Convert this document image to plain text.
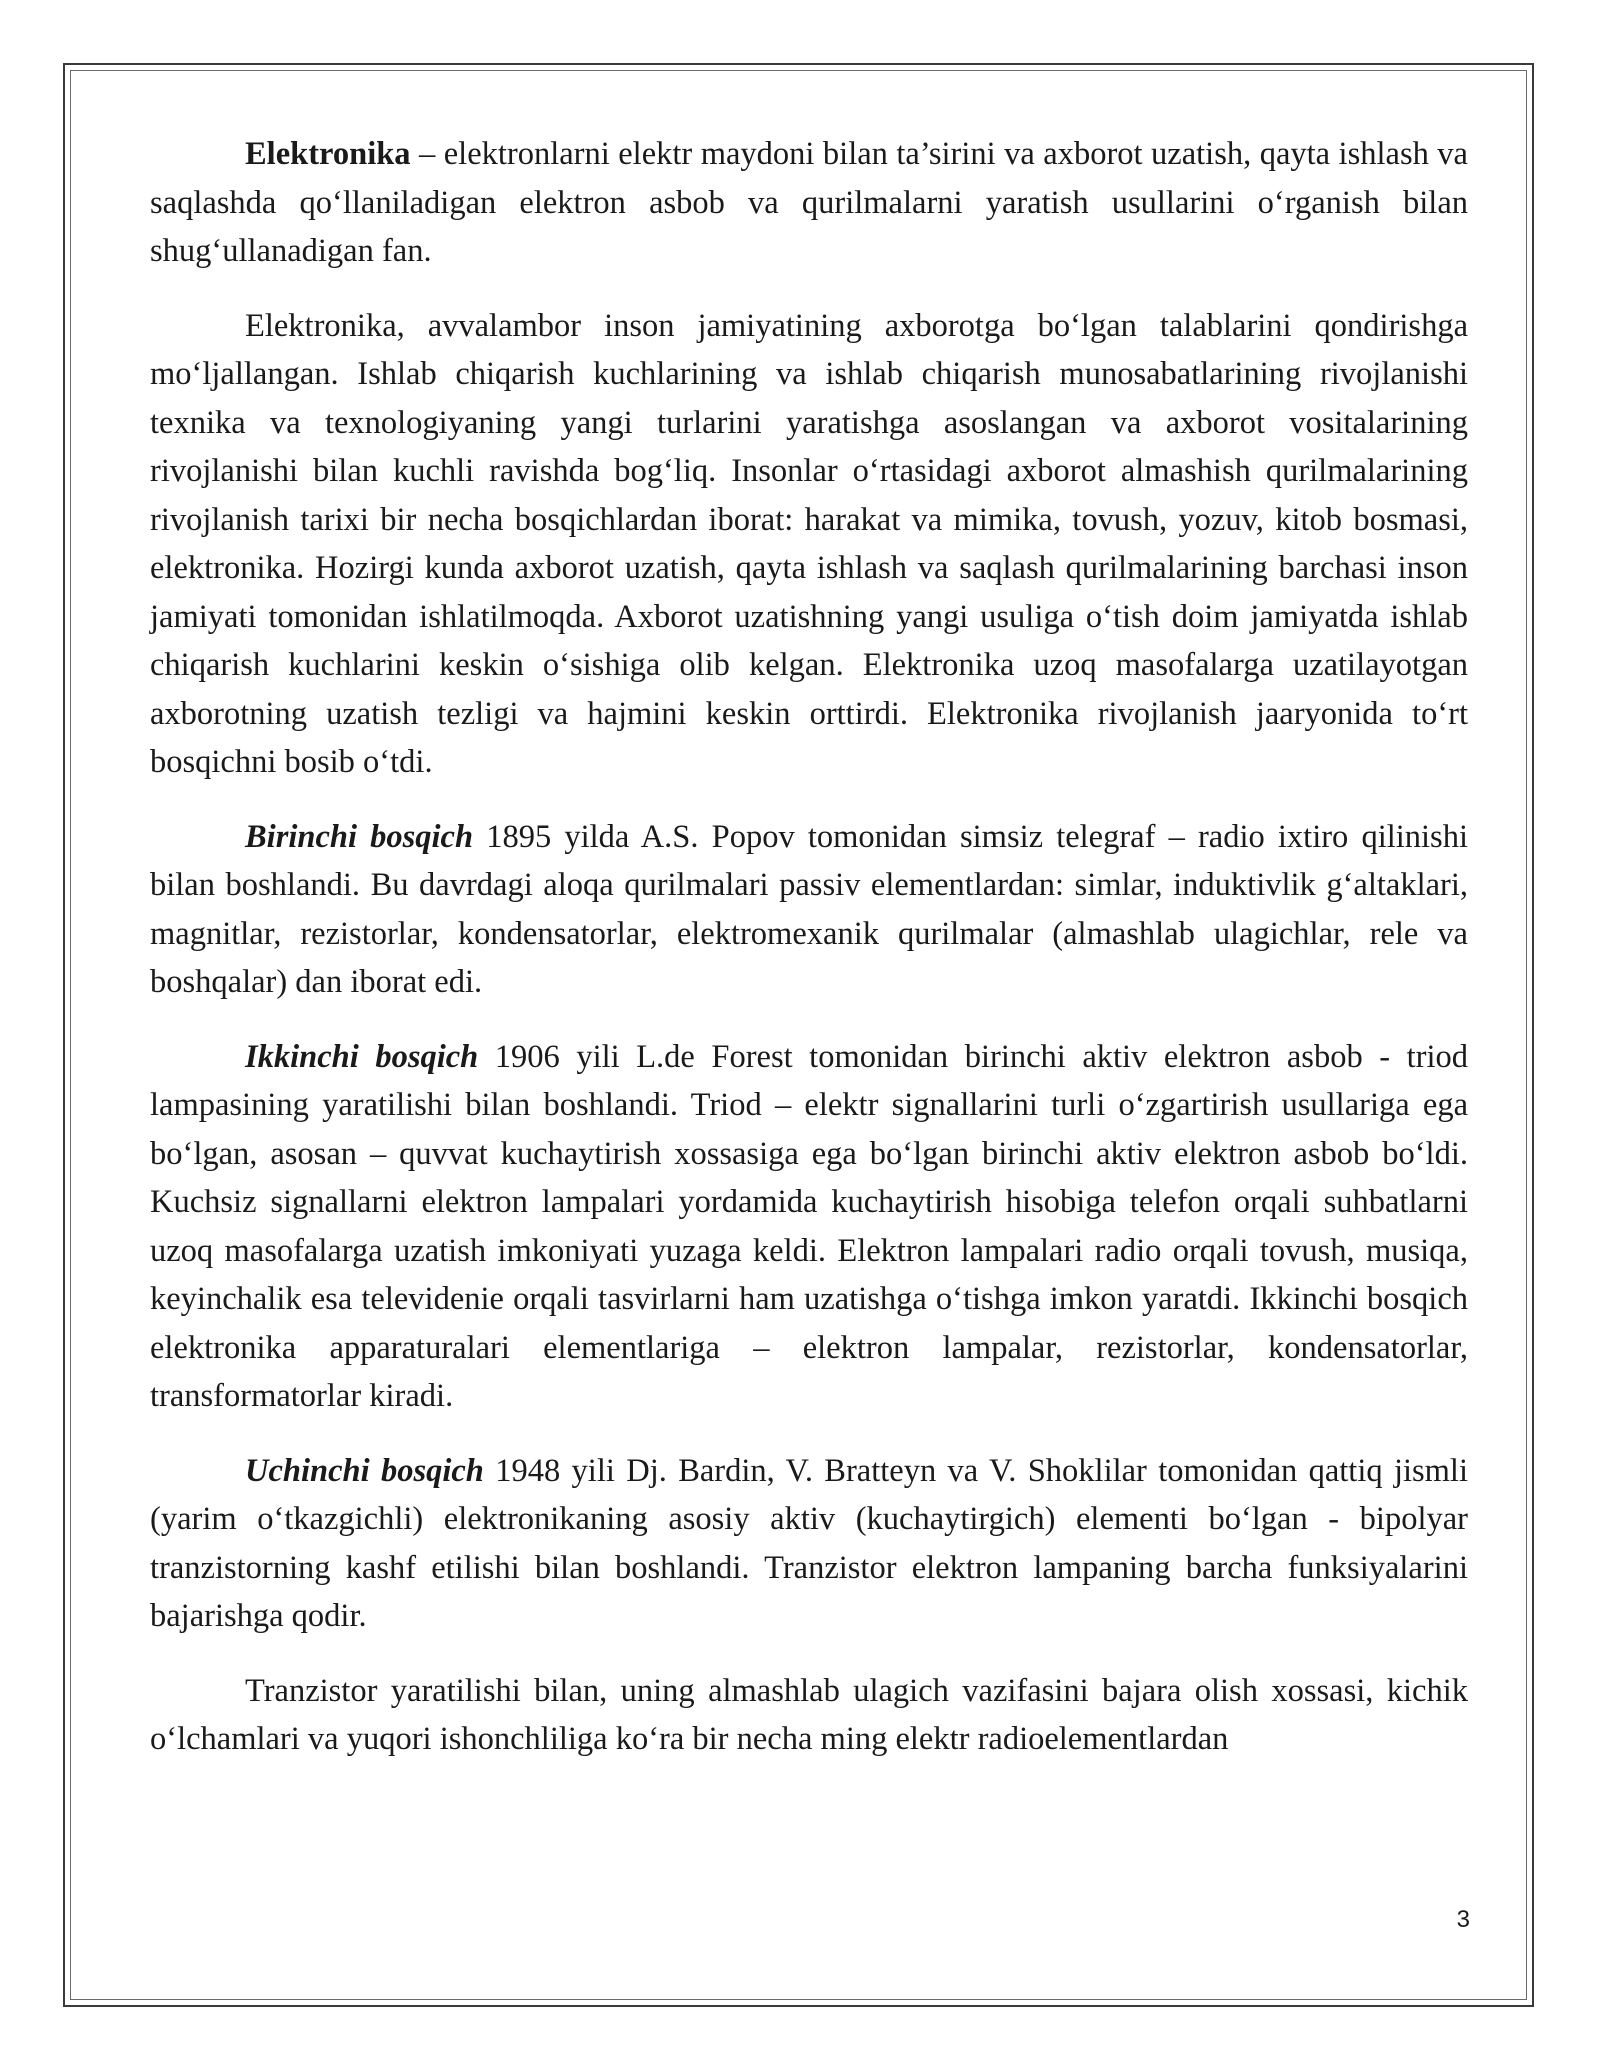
Elektronika – elektronlarni elektr maydoni bilan ta’sirini va axborot uzatish, qayta ishlash va saqlashda qo‘llaniladigan elektron asbob va qurilmalarni yaratish usullarini o‘rganish bilan shug‘ullanadigan fan.

Elektronika, avvalambor inson jamiyatining axborotga bo‘lgan talablarini qondirishga mo‘ljallangan. Ishlab chiqarish kuchlarining va ishlab chiqarish munosabatlarining rivojlanishi texnika va texnologiyaning yangi turlarini yaratishga asoslangan va axborot vositalarining rivojlanishi bilan kuchli ravishda bog‘liq. Insonlar o‘rtasidagi axborot almashish qurilmalarining rivojlanish tarixi bir necha bosqichlardan iborat: harakat va mimika, tovush, yozuv, kitob bosmasi, elektronika. Hozirgi kunda axborot uzatish, qayta ishlash va saqlash qurilmalarining barchasi inson jamiyati tomonidan ishlatilmoqda. Axborot uzatishning yangi usuliga o‘tish doim jamiyatda ishlab chiqarish kuchlarini keskin o‘sishiga olib kelgan. Elektronika uzoq masofalarga uzatilayotgan axborotning uzatish tezligi va hajmini keskin orttirdi. Elektronika rivojlanish jaaryonida to‘rt bosqichni bosib o‘tdi.

Birinchi bosqich 1895 yilda A.S. Popov tomonidan simsiz telegraf – radio ixtiro qilinishi bilan boshlandi. Bu davrdagi aloqa qurilmalari passiv elementlardan: simlar, induktivlik g‘altaklari, magnitlar, rezistorlar, kondensatorlar, elektromexanik qurilmalar (almashlab ulagichlar, rele va boshqalar) dan iborat edi.

Ikkinchi bosqich 1906 yili L.de Forest tomonidan birinchi aktiv elektron asbob - triod lampasining yaratilishi bilan boshlandi. Triod – elektr signallarini turli o‘zgartirish usullariga ega bo‘lgan, asosan – quvvat kuchaytirish xossasiga ega bo‘lgan birinchi aktiv elektron asbob bo‘ldi. Kuchsiz signallarni elektron lampalari yordamida kuchaytirish hisobiga telefon orqali suhbatlarni uzoq masofalarga uzatish imkoniyati yuzaga keldi. Elektron lampalari radio orqali tovush, musiqa, keyinchalik esa televidenie orqali tasvirlarni ham uzatishga o‘tishga imkon yaratdi. Ikkinchi bosqich elektronika apparaturalari elementlariga – elektron lampalar, rezistorlar, kondensatorlar, transformatorlar kiradi.

Uchinchi bosqich 1948 yili Dj. Bardin, V. Bratteyn va V. Shoklilar tomonidan qattiq jismli (yarim o‘tkazgichli) elektronikaning asosiy aktiv (kuchaytirgich) elementi bo‘lgan - bipolyar tranzistorning kashf etilishi bilan boshlandi. Tranzistor elektron lampaning barcha funksiyalarini bajarishga qodir.

Tranzistor yaratilishi bilan, uning almashlab ulagich vazifasini bajara olish xossasi, kichik o‘lchamlari va yuqori ishonchliliga ko‘ra bir necha ming elektr radioelementlardan

3
